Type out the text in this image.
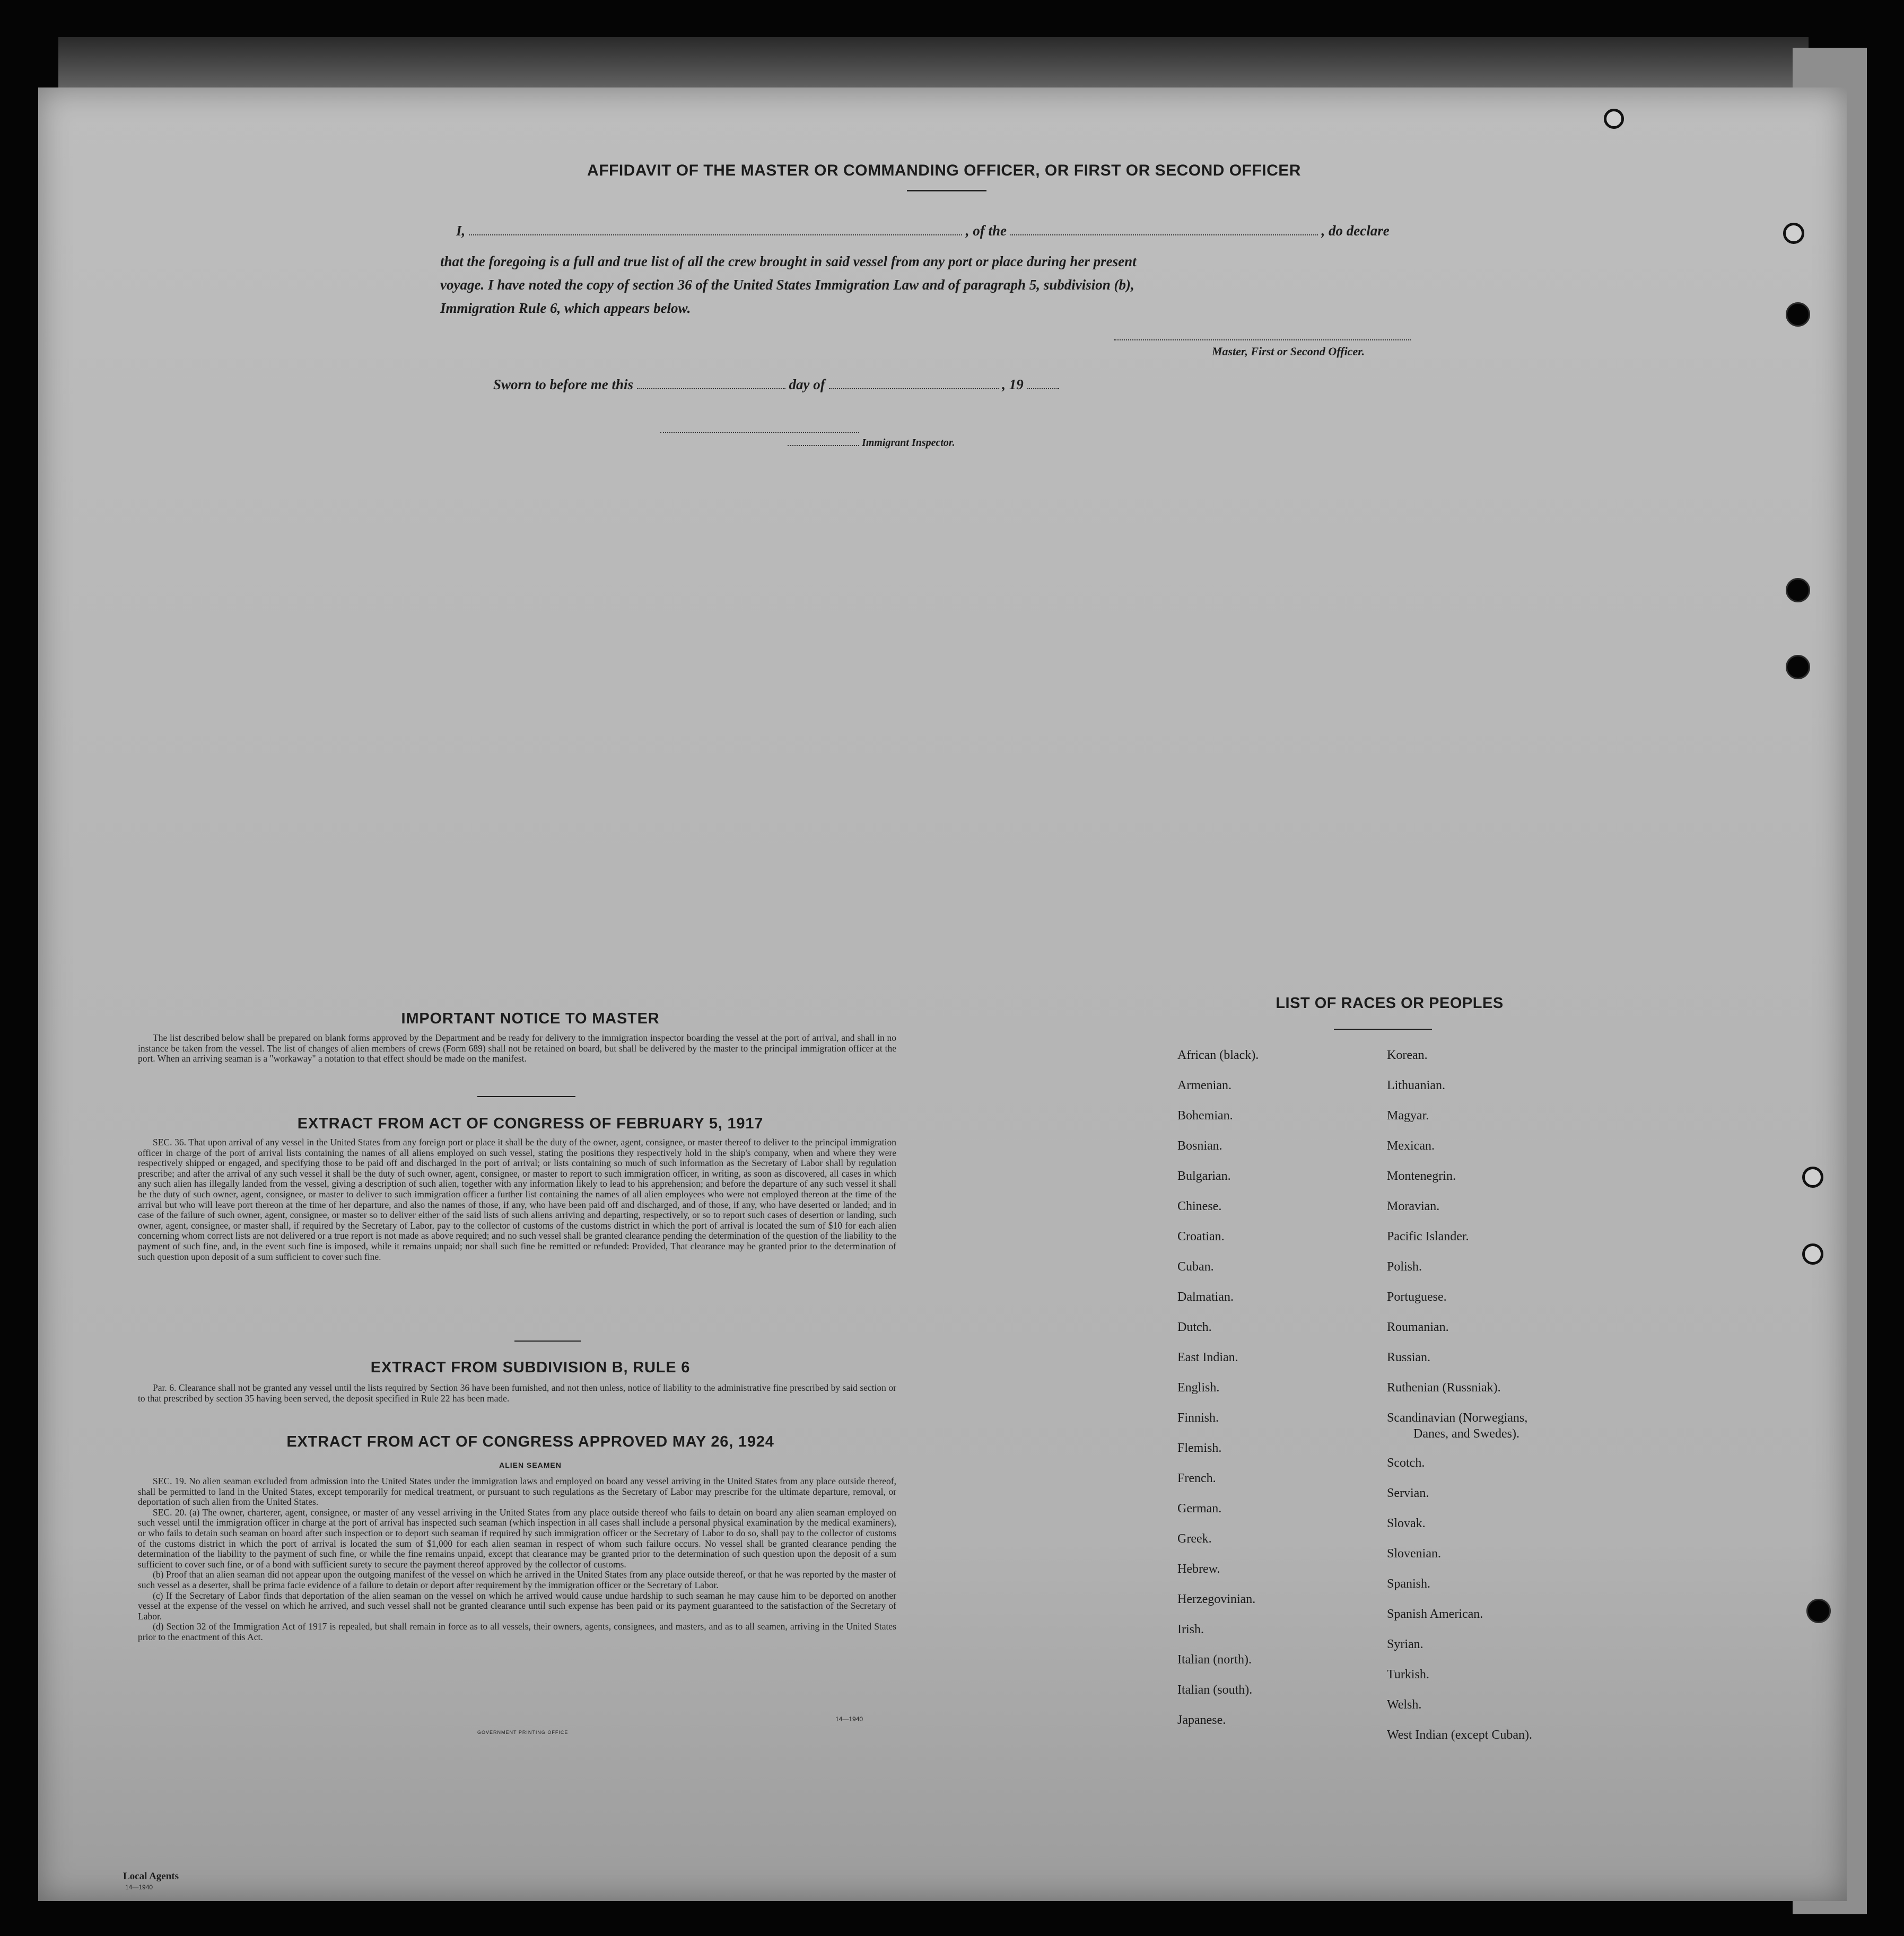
AFFIDAVIT OF THE MASTER OR COMMANDING OFFICER, OR FIRST OR SECOND OFFICER
I,	, of the	, do declare
that the foregoing is a full and true list of all the crew brought in said vessel from any port or place during her present
voyage. I have noted the copy of section 36 of the United States Immigration Law and of paragraph 5, subdivision (b),
Immigration Rule 6, which appears below.
Master, First or Second Officer.
Sworn to before me this	day of	, 19
Immigrant Inspector.
IMPORTANT NOTICE TO MASTER

The list described below shall be prepared on blank forms approved by the Department and be ready for delivery to the immigration inspector boarding the vessel at the port of arrival, and shall in no instance be taken from the vessel. The list of changes of alien members of crews (Form 689) shall not be retained on board, but shall be delivered by the master to the principal immigration officer at the port. When an arriving seaman is a "workaway" a notation to that effect should be made on the manifest.

EXTRACT FROM ACT OF CONGRESS OF FEBRUARY 5, 1917

SEC. 36. That upon arrival of any vessel in the United States from any foreign port or place it shall be the duty of the owner, agent, consignee, or master thereof to deliver to the principal immigration officer in charge of the port of arrival lists containing the names of all aliens employed on such vessel, stating the positions they respectively hold in the ship's company, when and where they were respectively shipped or engaged, and specifying those to be paid off and discharged in the port of arrival; or lists containing so much of such information as the Secretary of Labor shall by regulation prescribe; and after the arrival of any such vessel it shall be the duty of such owner, agent, consignee, or master to report to such immigration officer, in writing, as soon as discovered, all cases in which any such alien has illegally landed from the vessel, giving a description of such alien, together with any information likely to lead to his apprehension; and before the departure of any such vessel it shall be the duty of such owner, agent, consignee, or master to deliver to such immigration officer a further list containing the names of all alien employees who were not employed thereon at the time of the arrival but who will leave port thereon at the time of her departure, and also the names of those, if any, who have been paid off and discharged, and of those, if any, who have deserted or landed; and in case of the failure of such owner, agent, consignee, or master so to deliver either of the said lists of such aliens arriving and departing, respectively, or so to report such cases of desertion or landing, such owner, agent, consignee, or master shall, if required by the Secretary of Labor, pay to the collector of customs of the customs district in which the port of arrival is located the sum of $10 for each alien concerning whom correct lists are not delivered or a true report is not made as above required; and no such vessel shall be granted clearance pending the determination of the question of the liability to the payment of such fine, and, in the event such fine is imposed, while it remains unpaid; nor shall such fine be remitted or refunded: Provided, That clearance may be granted prior to the determination of such question upon deposit of a sum sufficient to cover such fine.

EXTRACT FROM SUBDIVISION B, RULE 6

Par. 6. Clearance shall not be granted any vessel until the lists required by Section 36 have been furnished, and not then unless, notice of liability to the administrative fine prescribed by said section or to that prescribed by section 35 having been served, the deposit specified in Rule 22 has been made.

EXTRACT FROM ACT OF CONGRESS APPROVED MAY 26, 1924
ALIEN SEAMEN

SEC. 19. No alien seaman excluded from admission into the United States under the immigration laws and employed on board any vessel arriving in the United States from any place outside thereof, shall be permitted to land in the United States, except temporarily for medical treatment, or pursuant to such regulations as the Secretary of Labor may prescribe for the ultimate departure, removal, or deportation of such alien from the United States.

SEC. 20. (a) The owner, charterer, agent, consignee, or master of any vessel arriving in the United States from any place outside thereof who fails to detain on board any alien seaman employed on such vessel until the immigration officer in charge at the port of arrival has inspected such seaman (which inspection in all cases shall include a personal physical examination by the medical examiners), or who fails to detain such seaman on board after such inspection or to deport such seaman if required by such immigration officer or the Secretary of Labor to do so, shall pay to the collector of customs of the customs district in which the port of arrival is located the sum of $1,000 for each alien seaman in respect of whom such failure occurs. No vessel shall be granted clearance pending the determination of the liability to the payment of such fine, or while the fine remains unpaid, except that clearance may be granted prior to the determination of such question upon the deposit of a sum sufficient to cover such fine, or of a bond with sufficient surety to secure the payment thereof approved by the collector of customs.

(b) Proof that an alien seaman did not appear upon the outgoing manifest of the vessel on which he arrived in the United States from any place outside thereof, or that he was reported by the master of such vessel as a deserter, shall be prima facie evidence of a failure to detain or deport after requirement by the immigration officer or the Secretary of Labor.

(c) If the Secretary of Labor finds that deportation of the alien seaman on the vessel on which he arrived would cause undue hardship to such seaman he may cause him to be deported on another vessel at the expense of the vessel on which he arrived, and such vessel shall not be granted clearance until such expense has been paid or its payment guaranteed to the satisfaction of the Secretary of Labor.

(d) Section 32 of the Immigration Act of 1917 is repealed, but shall remain in force as to all vessels, their owners, agents, consignees, and masters, and as to all seamen, arriving in the United States prior to the enactment of this Act.

14—1940
GOVERNMENT PRINTING OFFICE
LIST OF RACES OR PEOPLES
African (black).
Armenian.
Bohemian.
Bosnian.
Bulgarian.
Chinese.
Croatian.
Cuban.
Dalmatian.
Dutch.
East Indian.
English.
Finnish.
Flemish.
French.
German.
Greek.
Hebrew.
Herzegovinian.
Irish.
Italian (north).
Italian (south).
Japanese.
Korean.
Lithuanian.
Magyar.
Mexican.
Montenegrin.
Moravian.
Pacific Islander.
Polish.
Portuguese.
Roumanian.
Russian.
Ruthenian (Russniak).
Scandinavian (Norwegians,
Danes, and Swedes).
Scotch.
Servian.
Slovak.
Slovenian.
Spanish.
Spanish American.
Syrian.
Turkish.
Welsh.
West Indian (except Cuban).
Local Agents
14—1940
